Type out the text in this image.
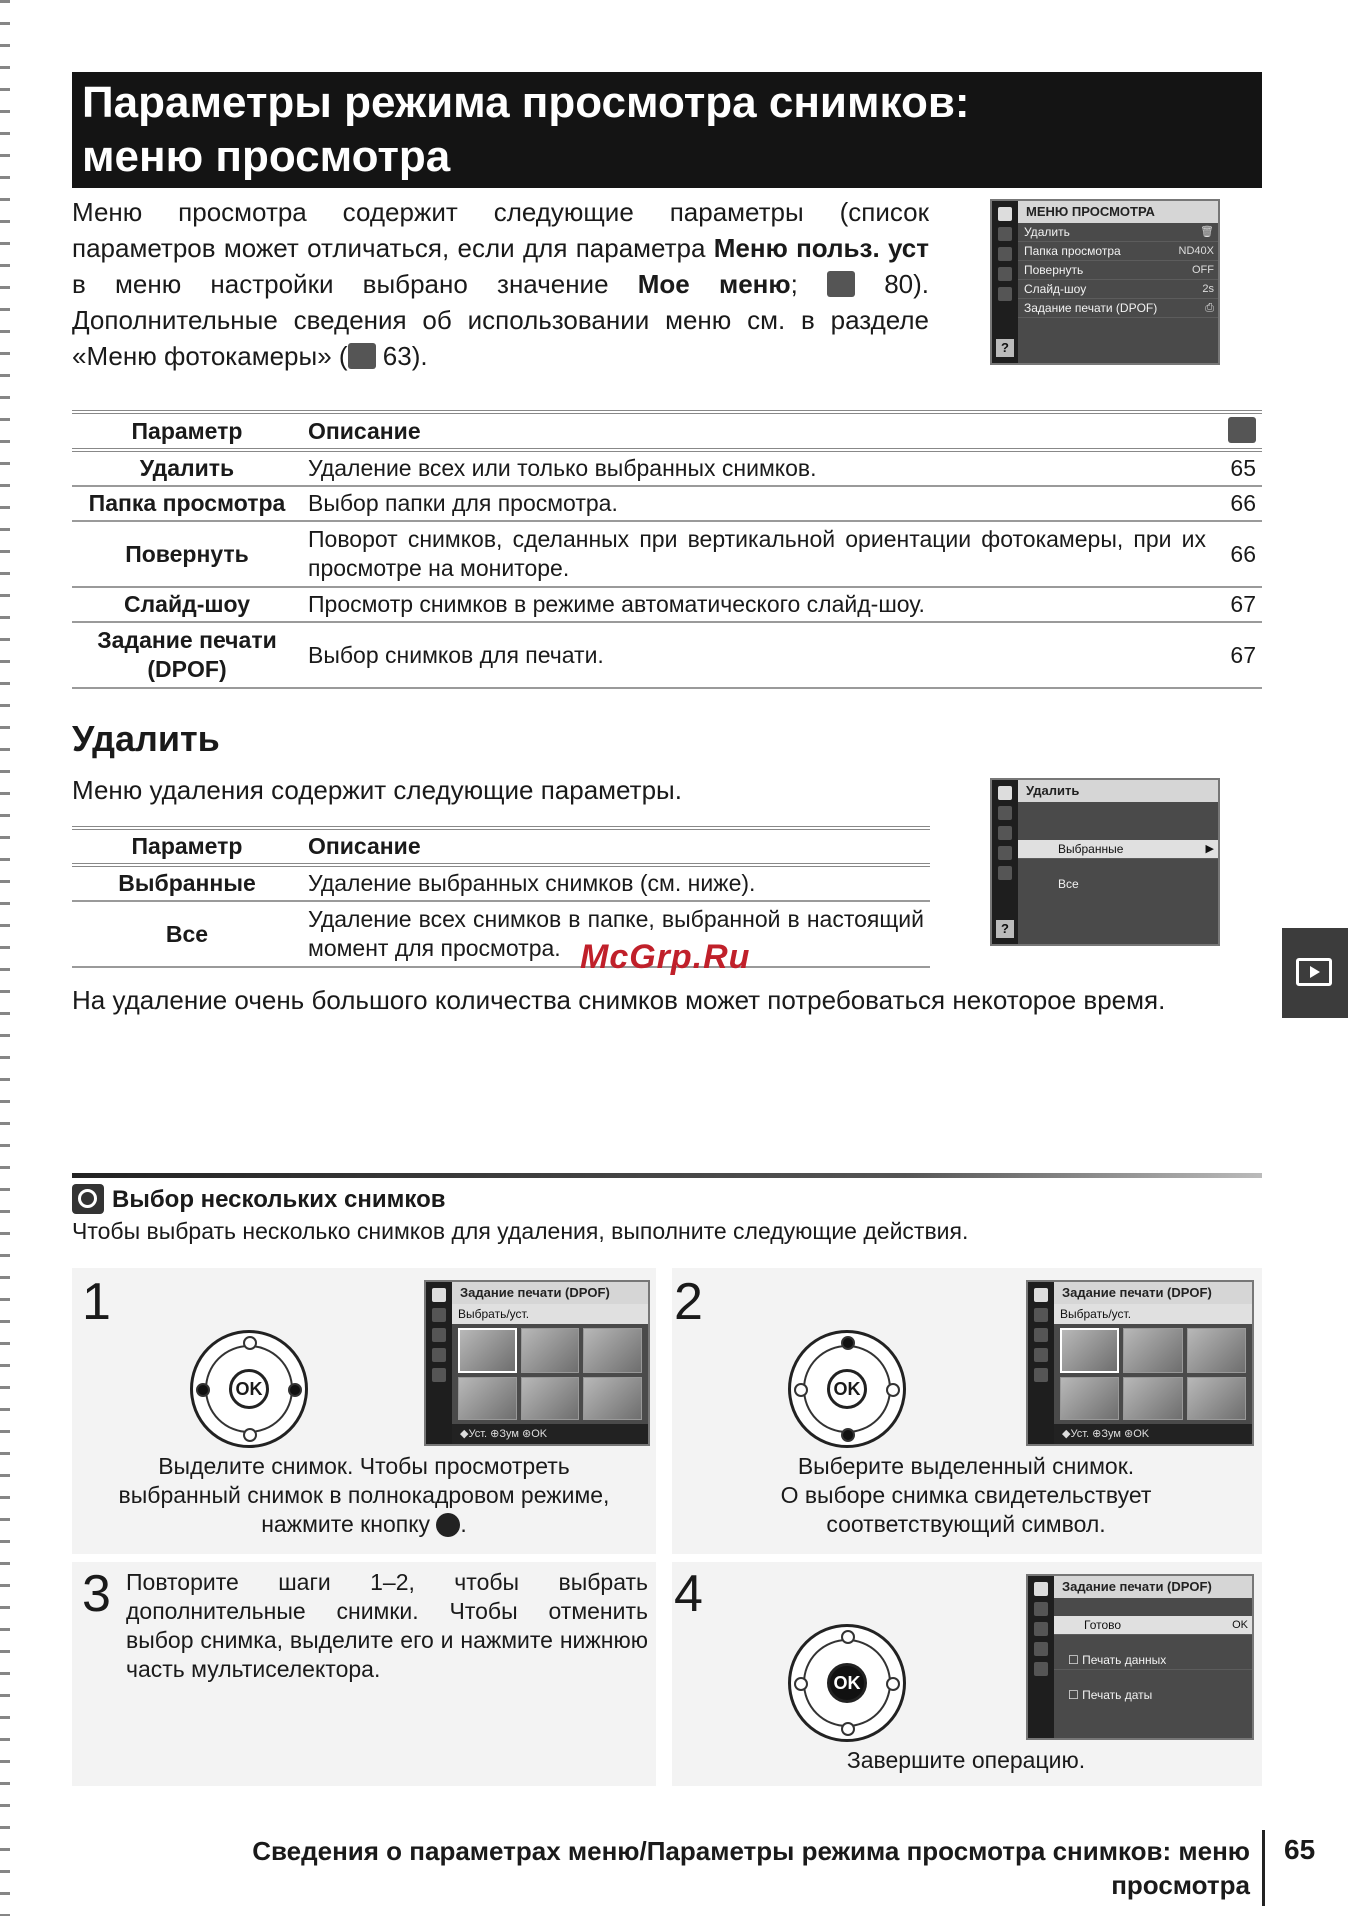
Параметры режима просмотра снимков:
меню просмотра
Меню просмотра содержит следующие параметры (список параметров может отличаться, если для параметра Меню польз. уст в меню настройки выбрано значение Мое меню;  80). Дополнительные сведения об использовании меню см. в разделе «Меню фотокамеры» ( 63).	?
МЕНЮ ПРОСМОТРА
Удалить	🗑
Папка просмотра	ND40X
Повернуть	OFF
Слайд-шоу	2s
Задание печати (DPOF)	⎙
Параметр	Описание	
Удалить	Удаление всех или только выбранных снимков.	65
Папка просмотра	Выбор папки для просмотра.	66
Повернуть	Поворот снимков, сделанных при вертикальной ориентации фотокамеры, при их просмотре на мониторе.	66
Слайд-шоу	Просмотр снимков в режиме автоматического слайд-шоу.	67
Задание печати (DPOF)	Выбор снимков для печати.	67
Удалить
Меню удаления содержит следующие параметры.
?
Удалить
Выбранные	▶
Все
Параметр	Описание
Выбранные	Удаление выбранных снимков (см. ниже).
Все	Удаление всех снимков в папке, выбранной в настоящий момент для просмотра. McGrp.Ru
На удаление очень большого количества снимков может потребоваться некоторое время.
Выбор нескольких снимков
Чтобы выбрать несколько снимков для удаления, выполните следующие действия.
1
OK
Задание печати (DPOF)
Выбрать/уст.
◆Уст. ⊕Зум ⊛OK
Выделите снимок. Чтобы просмотреть
выбранный снимок в полнокадровом режиме,
нажмите кнопку .
2
OK
Задание печати (DPOF)
Выбрать/уст.
◆Уст. ⊕Зум ⊛OK
Выберите выделенный снимок.
О выборе снимка свидетельствует
соответствующий символ.
3 Повторите шаги 1–2, чтобы выбрать дополнительные снимки. Чтобы отменить выбор снимка, выделите его и нажмите нижнюю часть мультиселектора.
4
OK
Задание печати (DPOF)
Готово	OK
☐ Печать данных
☐ Печать даты
Завершите операцию.
Сведения о параметрах меню/Параметры режима просмотра снимков: меню
просмотра
65
